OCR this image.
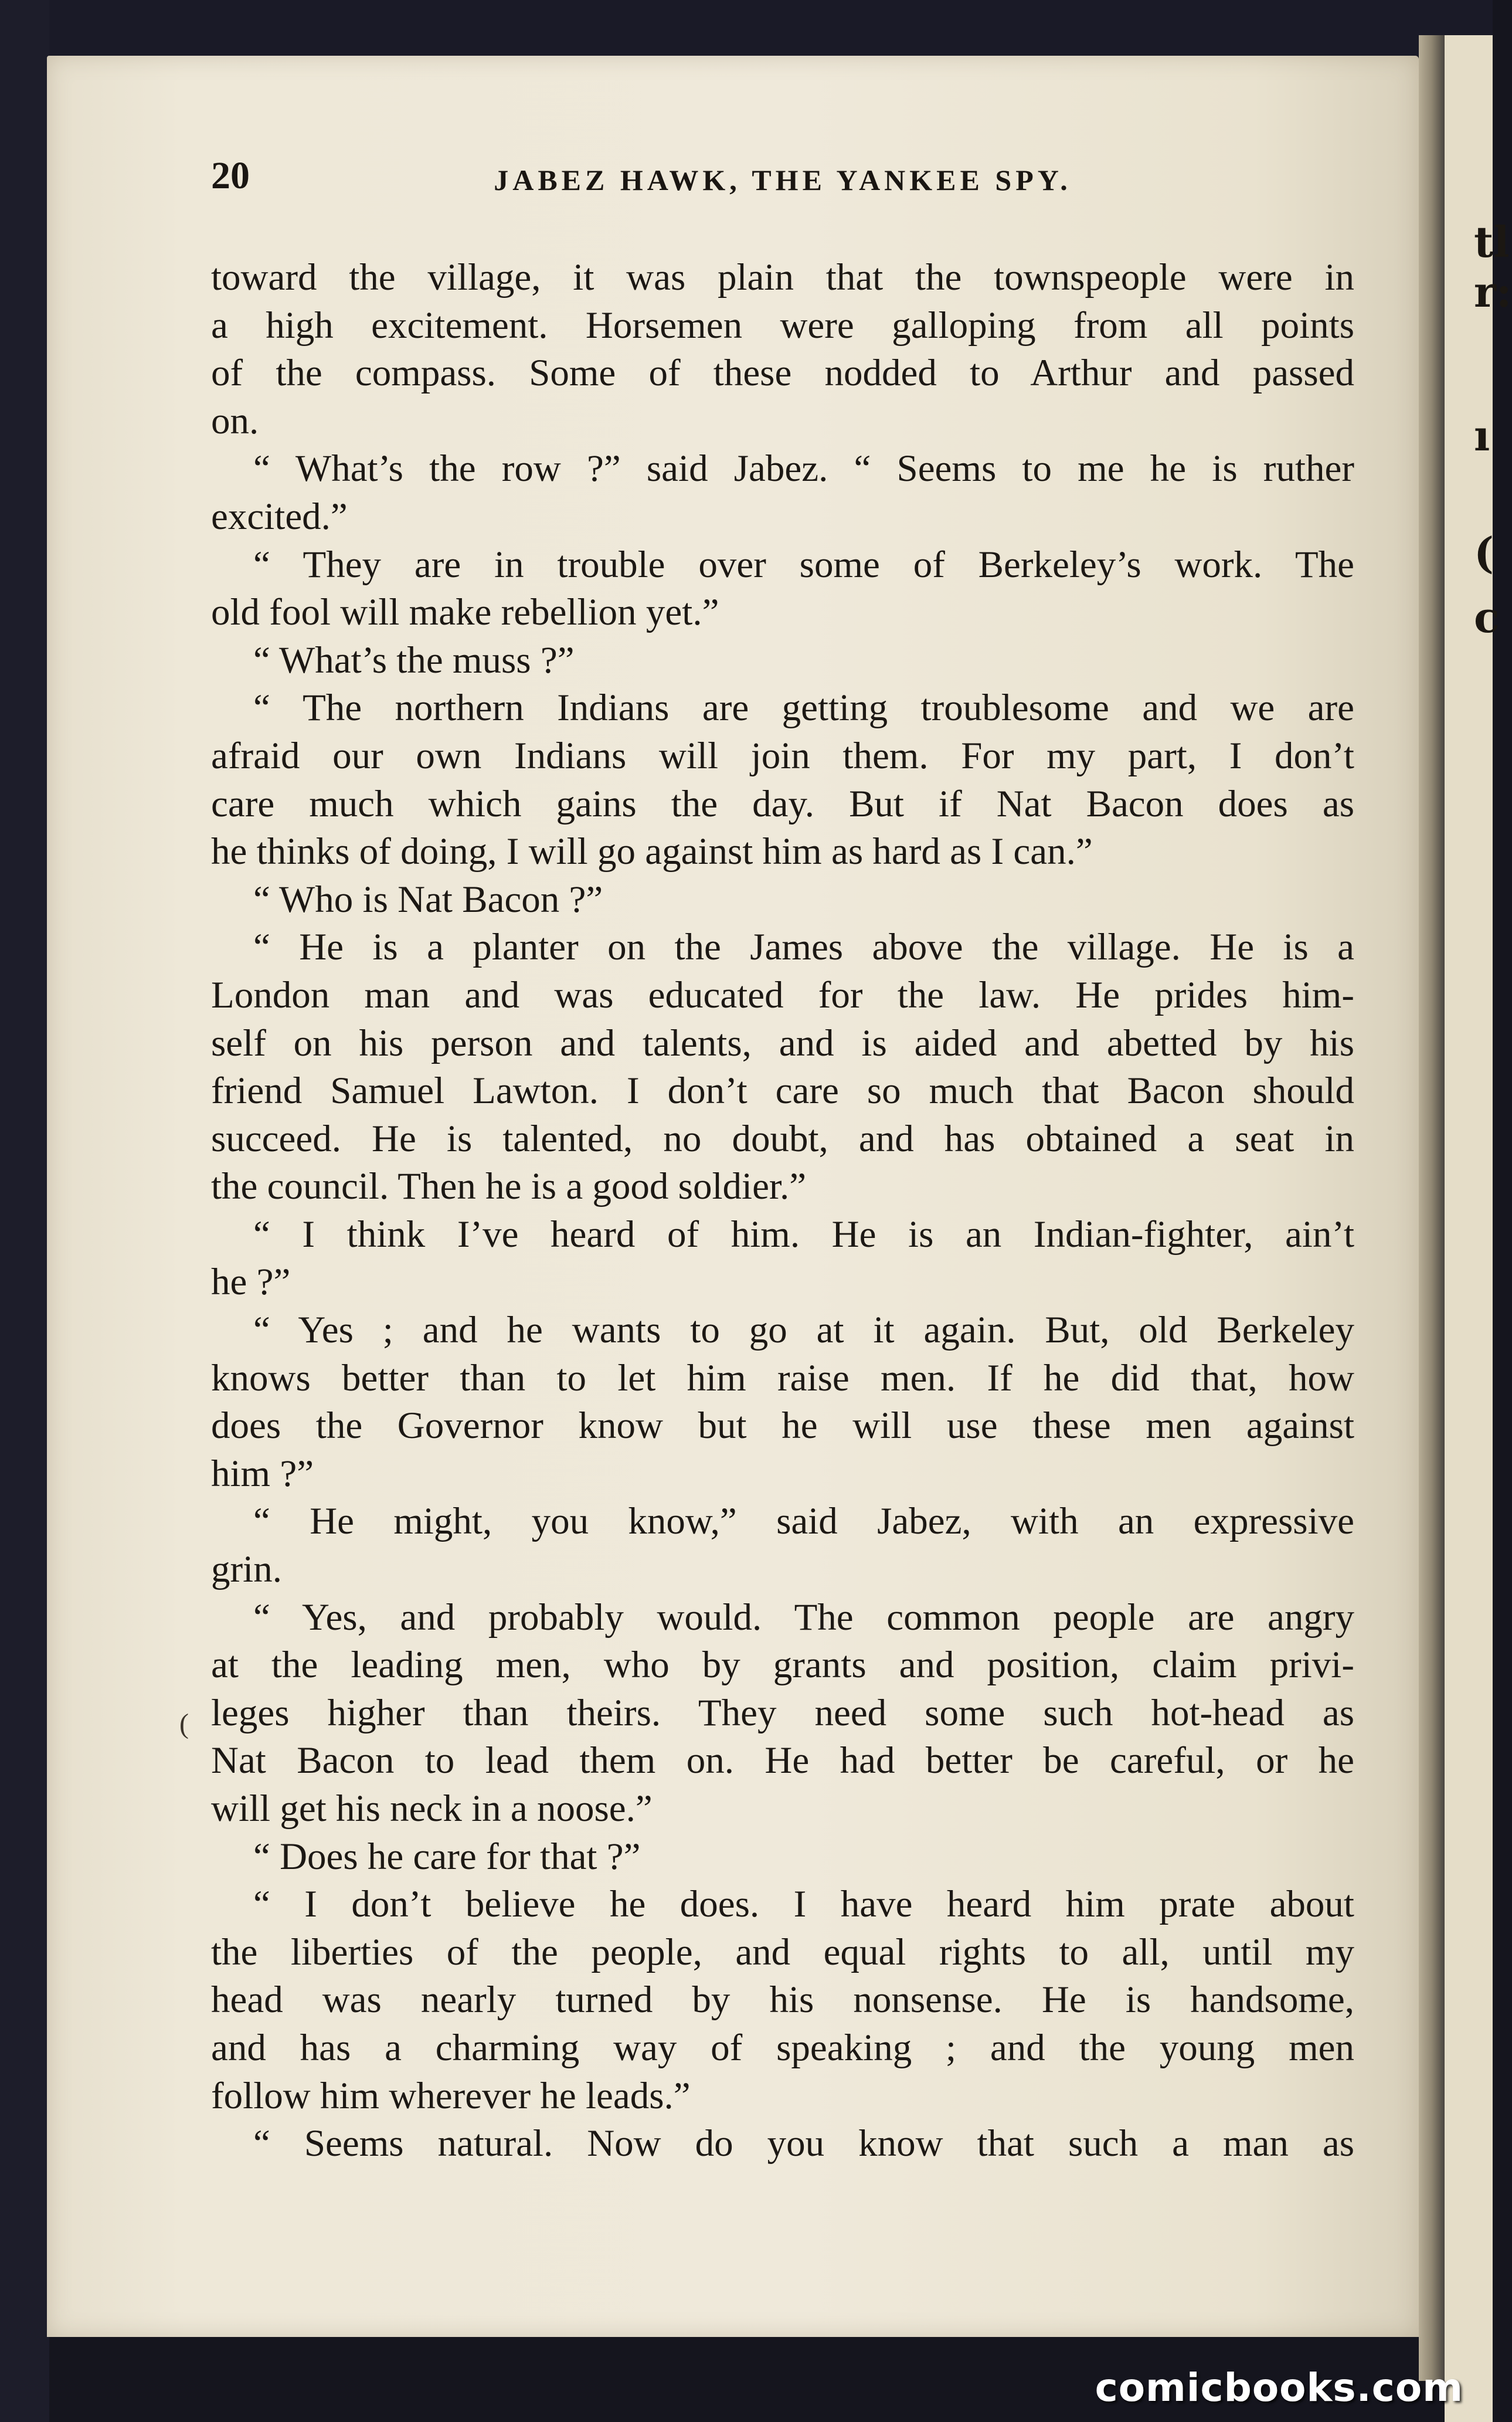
20	JABEZ HAWK, THE YANKEE SPY.
toward the village, it was plain that the townspeople were in
a high excitement. Horsemen were galloping from all points
of the compass. Some of these nodded to Arthur and passed
on.
“ What’s the row ?” said Jabez. “ Seems to me he is ruther
excited.”
“ They are in trouble over some of Berkeley’s work. The
old fool will make rebellion yet.”
“ What’s the muss ?”
“ The northern Indians are getting troublesome and we are
afraid our own Indians will join them. For my part, I don’t
care much which gains the day. But if Nat Bacon does as
he thinks of doing, I will go against him as hard as I can.”
“ Who is Nat Bacon ?”
“ He is a planter on the James above the village. He is a
London man and was educated for the law. He prides him-
self on his person and talents, and is aided and abetted by his
friend Samuel Lawton. I don’t care so much that Bacon should
succeed. He is talented, no doubt, and has obtained a seat in
the council. Then he is a good soldier.”
“ I think I’ve heard of him. He is an Indian-fighter, ain’t
he ?”
“ Yes ; and he wants to go at it again. But, old Berkeley
knows better than to let him raise men. If he did that, how
does the Governor know but he will use these men against
him ?”
“ He might, you know,” said Jabez, with an expressive
grin.
“ Yes, and probably would. The common people are angry
at the leading men, who by grants and position, claim privi-
leges higher than theirs. They need some such hot-head as
Nat Bacon to lead them on. He had better be careful, or he
will get his neck in a noose.”
“ Does he care for that ?”
“ I don’t believe he does. I have heard him prate about
the liberties of the people, and equal rights to all, until my
head was nearly turned by his nonsense. He is handsome,
and has a charming way of speaking ; and the young men
follow him wherever he leads.”
“ Seems natural. Now do you know that such a man as
(
tl
r:
ı
(
c
comicbooks.com
